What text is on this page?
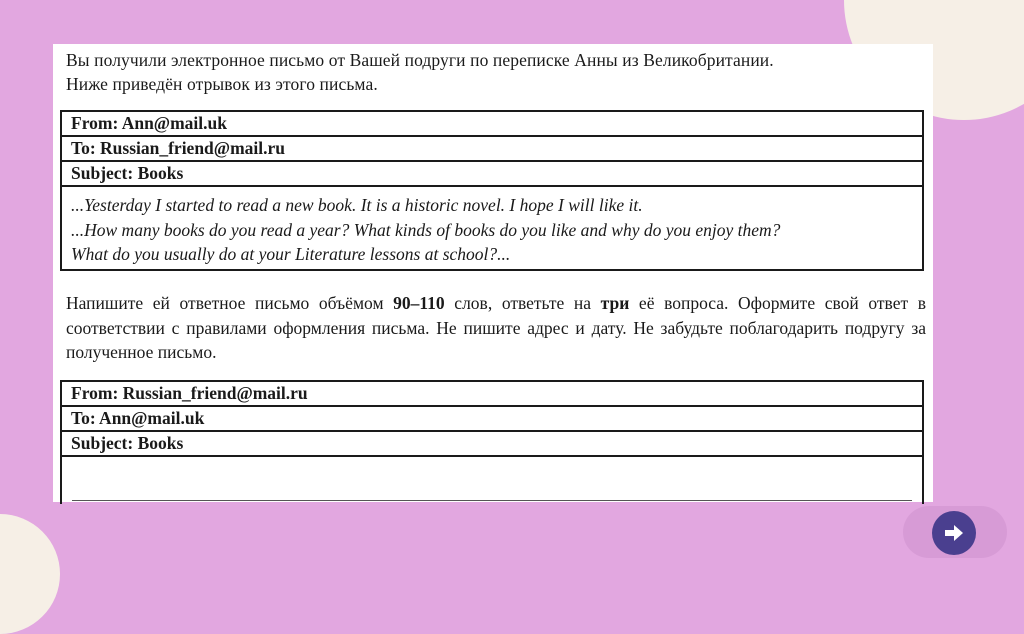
Вы получили электронное письмо от Вашей подруги по переписке Анны из Великобритании.
Ниже приведён отрывок из этого письма.
From: Ann@mail.uk
To: Russian_friend@mail.ru
Subject: Books
...Yesterday I started to read a new book. It is a historic novel. I hope I will like it.
...How many books do you read a year? What kinds of books do you like and why do you enjoy them?
What do you usually do at your Literature lessons at school?...
Напишите ей ответное письмо объёмом 90–110 слов, ответьте на три её вопроса. Оформите свой ответ в соответствии с правилами оформления письма. Не пишите адрес и дату. Не забудьте поблагодарить подругу за полученное письмо.
From: Russian_friend@mail.ru
To: Ann@mail.uk
Subject: Books
